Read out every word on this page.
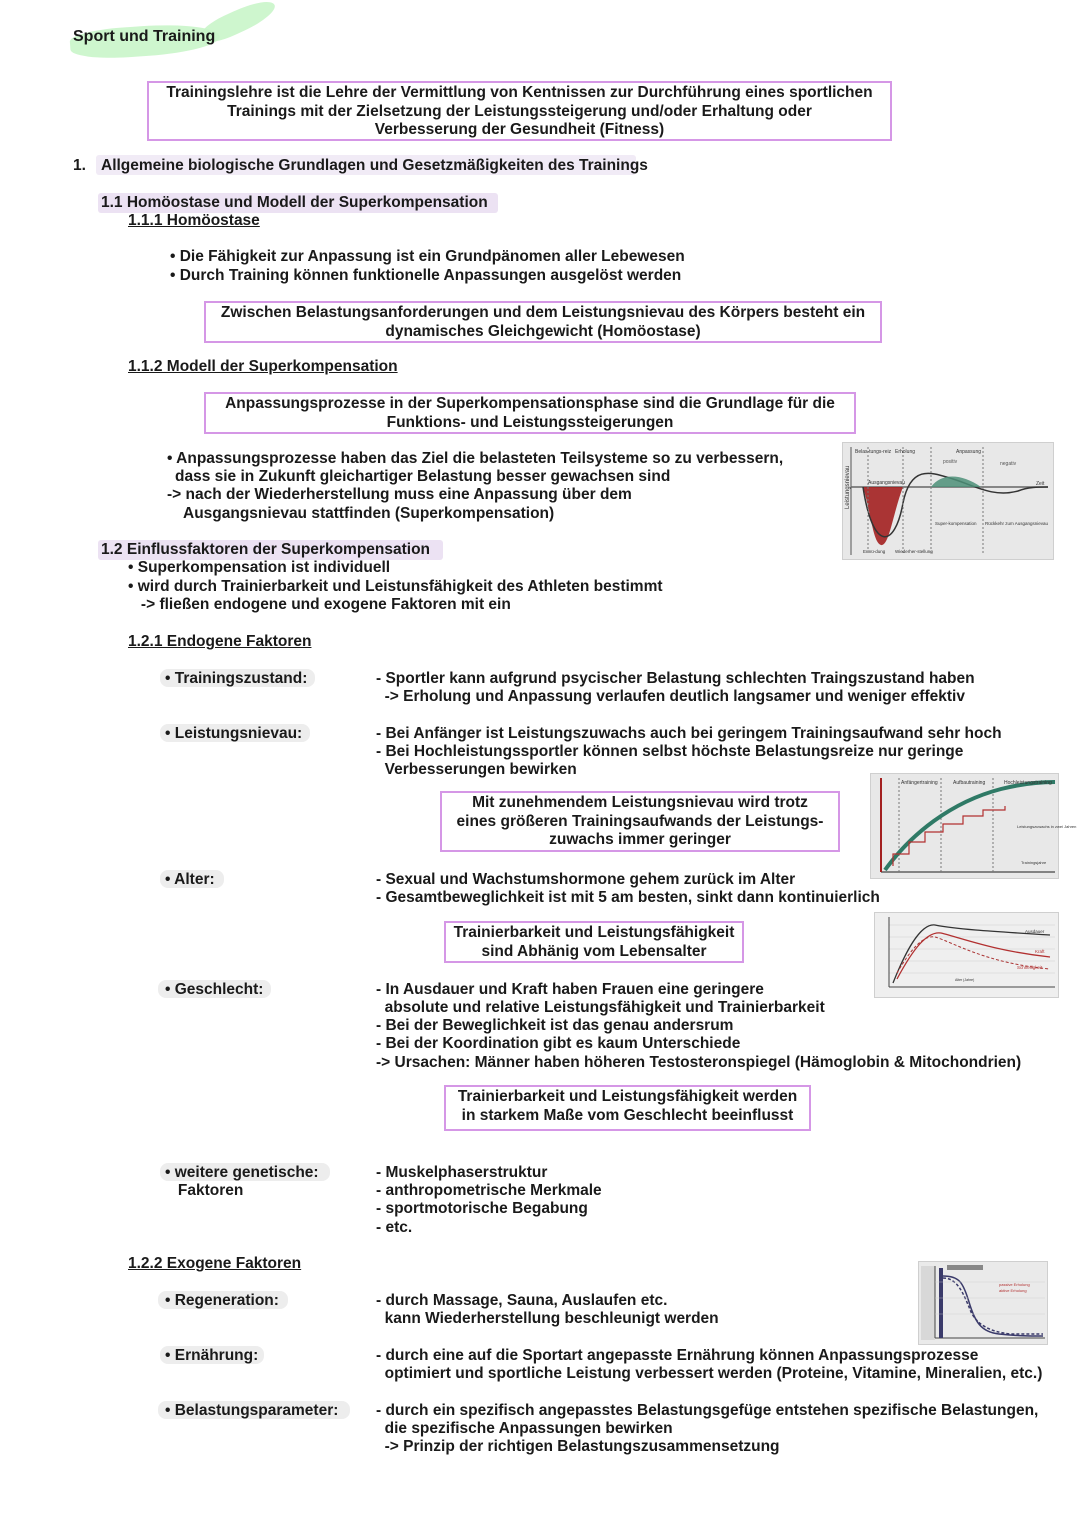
Sport und Training
Trainingslehre ist die Lehre der Vermittlung von Kentnissen zur Durchführung eines sportlichen
Trainings mit der Zielsetzung der Leistungssteigerung und/oder Erhaltung oder
Verbesserung der Gesundheit (Fitness)
1. Allgemeine biologische Grundlagen und Gesetzmäßigkeiten des Trainings
1.1 Homöostase und Modell der Superkompensation
1.1.1 Homöostase
• Die Fähigkeit zur Anpassung ist ein Grundpänomen aller Lebewesen
• Durch Training können funktionelle Anpassungen ausgelöst werden
Zwischen Belastungsanforderungen und dem Leistungsnievau des Körpers besteht ein
dynamisches Gleichgewicht (Homöostase)
1.1.2 Modell der Superkompensation
Anpassungsprozesse in der Superkompensationsphase sind die Grundlage für die
Funktions- und Leistungssteigerungen
• Anpassungsprozesse haben das Ziel die belasteten Teilsysteme so zu verbessern,
dass sie in Zukunft gleichartiger Belastung besser gewachsen sind
-> nach der Wiederherstellung muss eine Anpassung über dem
Ausgangsnievau stattfinden (Superkompensation)
Leistungsnievau
Belas-tungs-reiz Erholung	Anpassung
positiv	negativ
Ausgangsnievau	Zeit
Super-kompensation Rückkehr zum Ausgangsnievau
Ermü-dung Wiederher-stellung
1.2 Einflussfaktoren der Superkompensation
• Superkompensation ist individuell
• wird durch Trainierbarkeit und Leistunsfähigkeit des Athleten bestimmt
-> fließen endogene und exogene Faktoren mit ein
1.2.1 Endogene Faktoren
• Trainingszustand:	- Sportler kann aufgrund psycischer Belastung schlechten Traingszustand haben
-> Erholung und Anpassung verlaufen deutlich langsamer und weniger effektiv
• Leistungsnievau:	- Bei Anfänger ist Leistungszuwachs auch bei geringem Trainingsaufwand sehr hoch
- Bei Hochleistungssportler können selbst höchste Belastungsreize nur geringe
Verbesserungen bewirken
Mit zunehmendem Leistungsnievau wird trotz
eines größeren Trainingsaufwands der Leistungs-
zuwachs immer geringer
Anfängertraining	Aufbautraining	Hochleistungstraining
Leistungszuwachs in zwei Jahren
Trainingsjahre
• Alter:	- Sexual und Wachstumshormone gehem zurück im Alter
- Gesamtbeweglichkeit ist mit 5 am besten, sinkt dann kontinuierlich
Trainierbarkeit und Leistungsfähigkeit
sind Abhänig vom Lebensalter
Ausdauer
Kraft
Schnelligkeit
Alter (Jahre)
• Geschlecht:	- In Ausdauer und Kraft haben Frauen eine geringere
absolute und relative Leistungsfähigkeit und Trainierbarkeit
- Bei der Beweglichkeit ist das genau andersrum
- Bei der Koordination gibt es kaum Unterschiede
-> Ursachen: Männer haben höheren Testosteronspiegel (Hämoglobin & Mitochondrien)
Trainierbarkeit und Leistungsfähigkeit werden
in starkem Maße vom Geschlecht beeinflusst
• weitere genetische:
Faktoren
- Muskelphaserstruktur
- anthropometrische Merkmale
- sportmotorische Begabung
- etc.
1.2.2 Exogene Faktoren
• Regeneration:	- durch Massage, Sauna, Auslaufen etc.
kann Wiederherstellung beschleunigt werden
passive Erholung
aktive Erholung
• Ernährung:	- durch eine auf die Sportart angepasste Ernährung können Anpassungsprozesse
optimiert und sportliche Leistung verbessert werden (Proteine, Vitamine, Mineralien, etc.)
• Belastungsparameter: - durch ein spezifisch angepasstes Belastungsgefüge entstehen spezifische Belastungen,
die spezifische Anpassungen bewirken
-> Prinzip der richtigen Belastungszusammensetzung
